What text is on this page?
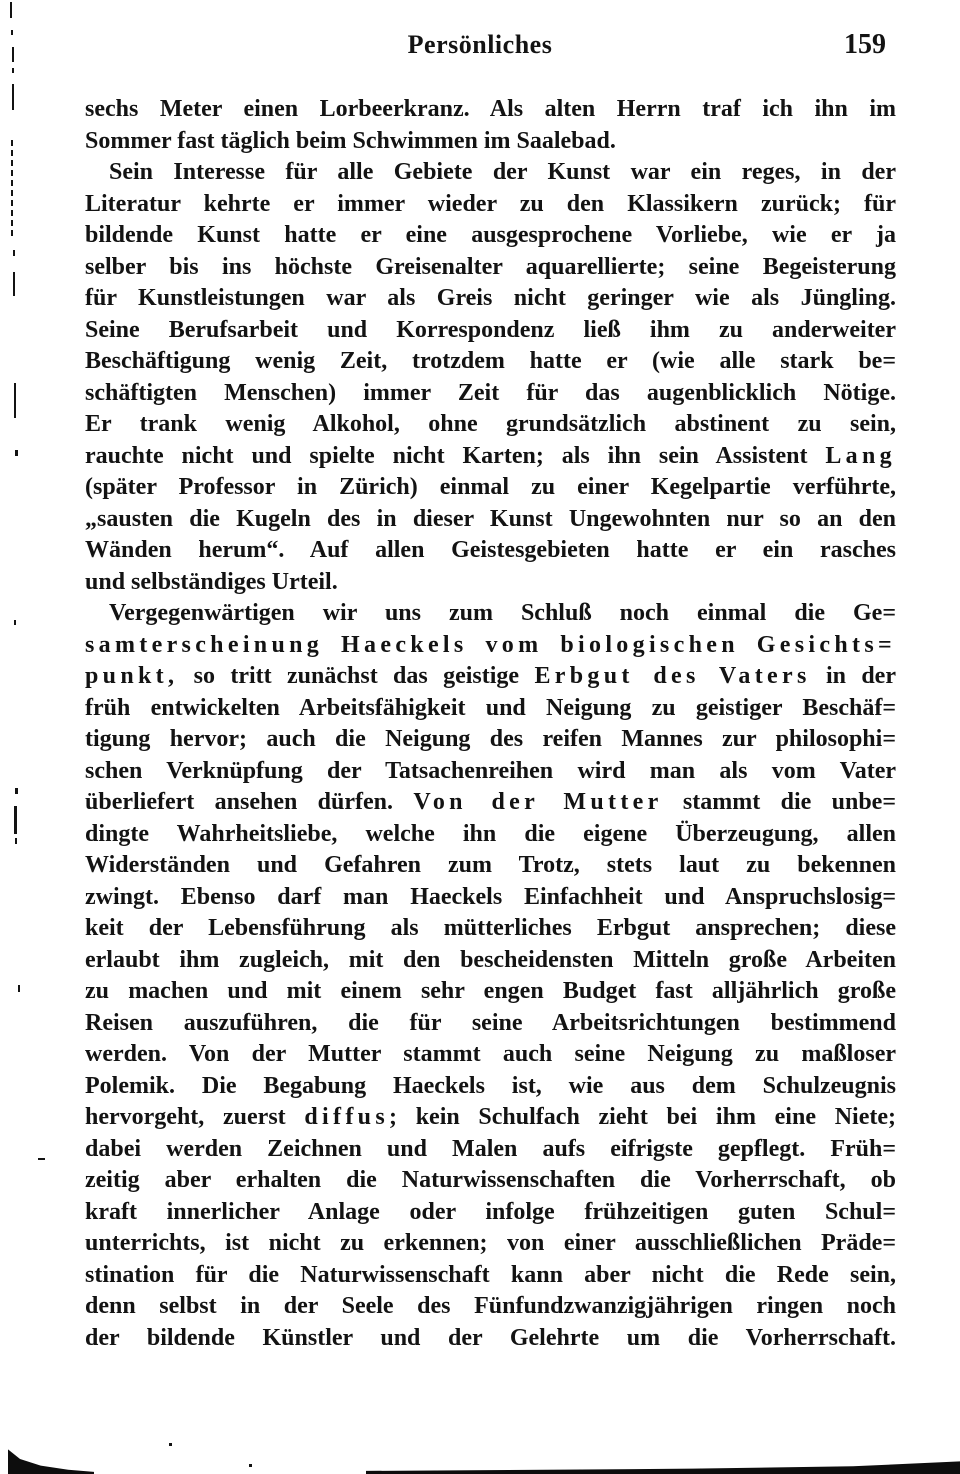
Persönliches	159
sechs Meter einen Lorbeerkranz. Als alten Herrn traf ich ihn im
Sommer fast täglich beim Schwimmen im Saalebad.
Sein Interesse für alle Gebiete der Kunst war ein reges, in der
Literatur kehrte er immer wieder zu den Klassikern zurück; für
bildende Kunst hatte er eine ausgesprochene Vorliebe, wie er ja
selber bis ins höchste Greisenalter aquarellierte; seine Begeisterung
für Kunstleistungen war als Greis nicht geringer wie als Jüngling.
Seine Berufsarbeit und Korrespondenz ließ ihm zu anderweiter
Beschäftigung wenig Zeit, trotzdem hatte er (wie alle stark be=
schäftigten Menschen) immer Zeit für das augenblicklich Nötige.
Er trank wenig Alkohol, ohne grundsätzlich abstinent zu sein,
rauchte nicht und spielte nicht Karten; als ihn sein Assistent Lang
(später Professor in Zürich) einmal zu einer Kegelpartie verführte,
„sausten die Kugeln des in dieser Kunst Ungewohnten nur so an den
Wänden herum“. Auf allen Geistesgebieten hatte er ein rasches
und selbständiges Urteil.
Vergegenwärtigen wir uns zum Schluß noch einmal die Ge=
samterscheinung Haeckels vom biologischen Gesichts=
punkt, so tritt zunächst das geistige Erbgut des Vaters in der
früh entwickelten Arbeitsfähigkeit und Neigung zu geistiger Beschäf=
tigung hervor; auch die Neigung des reifen Mannes zur philosophi=
schen Verknüpfung der Tatsachenreihen wird man als vom Vater
überliefert ansehen dürfen. Von der Mutter stammt die unbe=
dingte Wahrheitsliebe, welche ihn die eigene Überzeugung, allen
Widerständen und Gefahren zum Trotz, stets laut zu bekennen
zwingt. Ebenso darf man Haeckels Einfachheit und Anspruchslosig=
keit der Lebensführung als mütterliches Erbgut ansprechen; diese
erlaubt ihm zugleich, mit den bescheidensten Mitteln große Arbeiten
zu machen und mit einem sehr engen Budget fast alljährlich große
Reisen auszuführen, die für seine Arbeitsrichtungen bestimmend
werden. Von der Mutter stammt auch seine Neigung zu maßloser
Polemik. Die Begabung Haeckels ist, wie aus dem Schulzeugnis
hervorgeht, zuerst diffus; kein Schulfach zieht bei ihm eine Niete;
dabei werden Zeichnen und Malen aufs eifrigste gepflegt. Früh=
zeitig aber erhalten die Naturwissenschaften die Vorherrschaft, ob
kraft innerlicher Anlage oder infolge frühzeitigen guten Schul=
unterrichts, ist nicht zu erkennen; von einer ausschließlichen Präde=
stination für die Naturwissenschaft kann aber nicht die Rede sein,
denn selbst in der Seele des Fünfundzwanzigjährigen ringen noch
der bildende Künstler und der Gelehrte um die Vorherrschaft.
